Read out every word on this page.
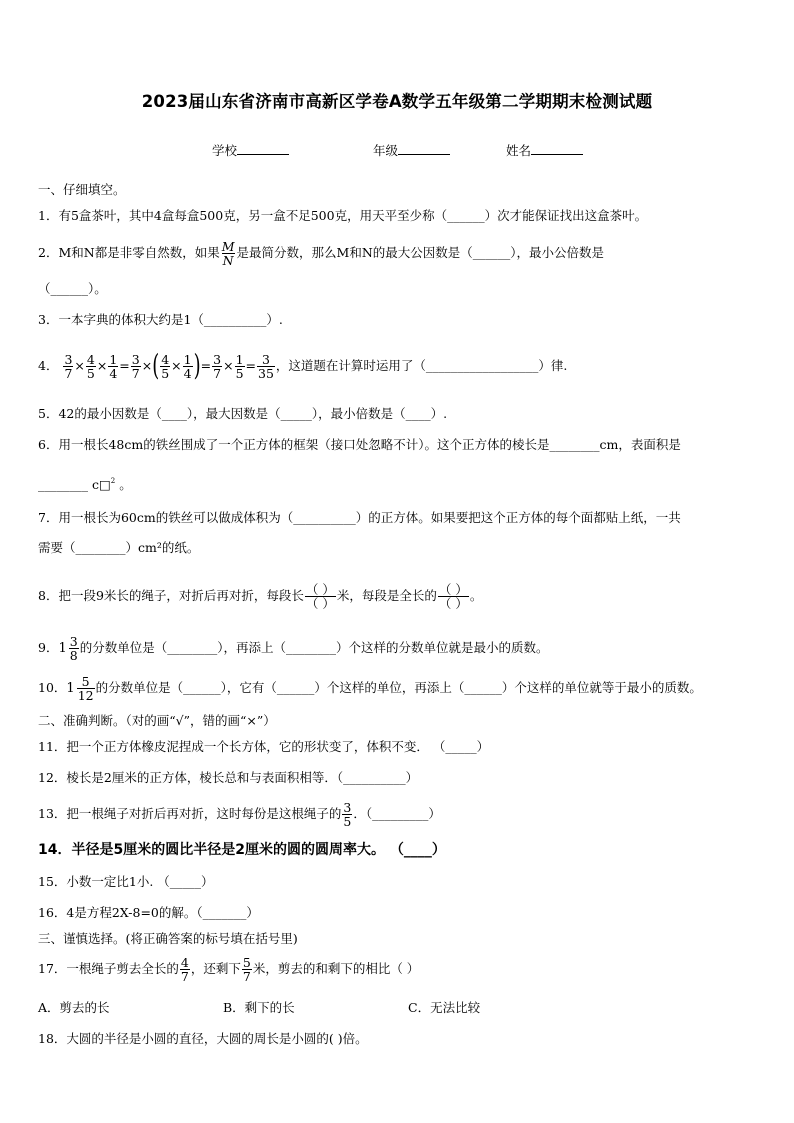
2023届山东省济南市高新区学卷A数学五年级第二学期期末检测试题
学校	年级	姓名
一、仔细填空。
1．有5盒茶叶，其中4盒每盒500克，另一盒不足500克，用天平至少称（______）次才能保证找出这盒茶叶。
2．M和N都是非零自然数，如果 $\frac{M}{N}$ 是最简分数，那么M和N的最大公因数是（______），最小公倍数是
（______）。
3．一本字典的体积大约是1（__________）.
4． $\frac{3}{7} \times \frac{4}{5} \times \frac{1}{4} = \frac{3}{7}$ ×( $\frac{4}{5} \times \frac{1}{4}$ )= $\frac{3}{7} \times \frac{1}{5} = \frac{3}{35}$ ，这道题在计算时运用了（__________________）律.
5．42的最小因数是（____），最大因数是（_____），最小倍数是（____）.
6．用一根长48cm的铁丝围成了一个正方体的框架（接口处忽略不计）。这个正方体的棱长是________cm，表面积是
________ c□$^2$ 。
7．用一根长为60cm的铁丝可以做成体积为（__________）的正方体。如果要把这个正方体的每个面都贴上纸，一共
需要（________）cm²的纸。
8．把一段9米长的绳子，对折后再对折，每段长 $\frac{( )}{( )}$ 米，每段是全长的 $\frac{( )}{( )}$ 。
9． $1 \frac{3}{8}$ 的分数单位是（________），再添上（________）个这样的分数单位就是最小的质数。
10． $1 \frac{5}{12}$ 的分数单位是（______），它有（______）个这样的单位，再添上（______）个这样的单位就等于最小的质数。
二、准确判断。（对的画“√”，错的画“×”）
11．把一个正方体橡皮泥捏成一个长方体，它的形状变了，体积不变． （_____）
12．棱长是2厘米的正方体，棱长总和与表面积相等．（__________）
13．把一根绳子对折后再对折，这时每份是这根绳子的 $\frac{3}{5}$ ．（_________）
14．半径是5厘米的圆比半径是2厘米的圆的圆周率大。 （____）
15．小数一定比1小. （_____）
16．4是方程2X-8=0的解。（_______）
三、谨慎选择。(将正确答案的标号填在括号里)
17．一根绳子剪去全长的 $\frac{4}{7}$ ，还剩下 $\frac{5}{7}$ 米，剪去的和剩下的相比（ ）
A．剪去的长	B．剩下的长	C．无法比较
18．大圆的半径是小圆的直径，大圆的周长是小圆的( )倍。
